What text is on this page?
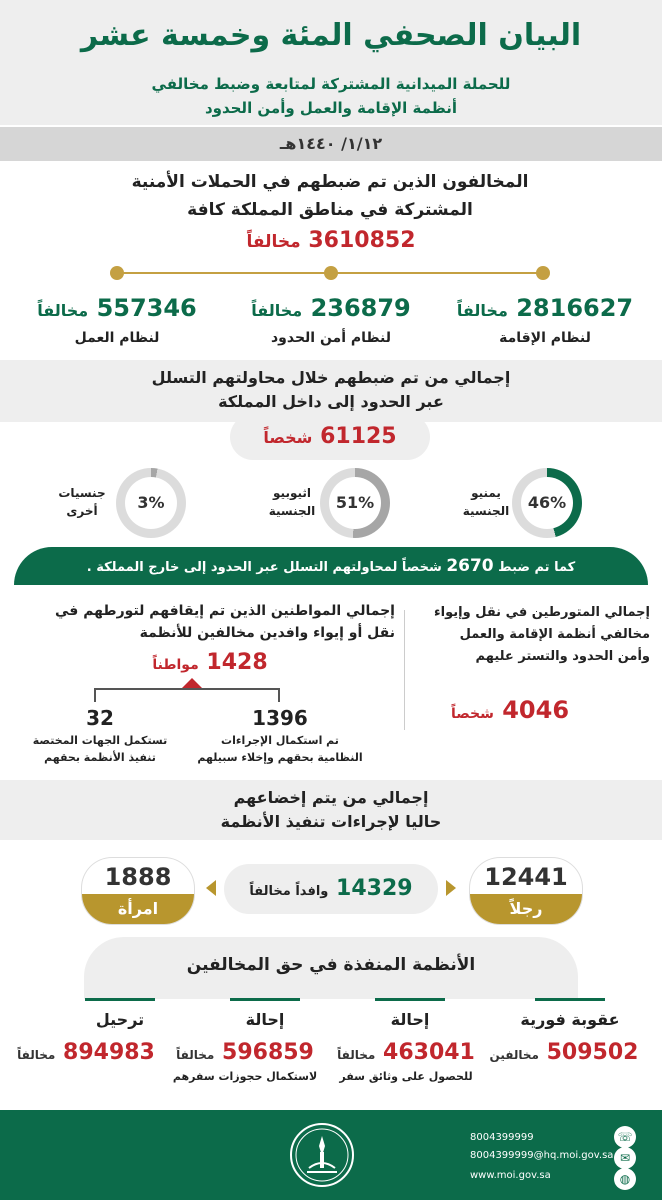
البيان الصحفي المئة وخمسة عشر
للحملة الميدانية المشتركة لمتابعة وضبط مخالفي
أنظمة الإقامة والعمل وأمن الحدود
١/١٢/ ١٤٤٠هـ
المخالفون الذين تم ضبطهم في الحملات الأمنية
المشتركة في مناطق المملكة كافة
3610852 مخالفاً
2816627 مخالفاً
لنظام الإقامة
236879 مخالفاً
لنظام أمن الحدود
557346 مخالفاً
لنظام العمل
إجمالي من تم ضبطهم خلال محاولتهم التسلل
عبر الحدود إلى داخل المملكة
61125 شخصاً
46%
يمنيو
الجنسية
51%
اثيوبيو
الجنسية
3%
جنسيات
أخرى
كما تم ضبط 2670 شخصاً لمحاولتهم التسلل عبر الحدود إلى خارج المملكة .
إجمالي المتورطين في نقل وإيواء
مخالفي أنظمة الإقامة والعمل
وأمن الحدود والتستر عليهم
4046 شخصاً
إجمالي المواطنين الذين تم إيقافهم لتورطهم في
نقل أو إيواء وافدين مخالفين للأنظمة
1428 مواطناً
1396
تم استكمال الإجراءات
النظامية بحقهم وإخلاء سبيلهم
32
تستكمل الجهات المختصة
تنفيذ الأنظمة بحقهم
إجمالي من يتم إخضاعهم
حاليا لإجراءات تنفيذ الأنظمة
12441
رجلاً
14329 وافداً مخالفاً
1888
امرأة
الأنظمة المنفذة في حق المخالفين
عقوبة فورية
509502 مخالفين
إحالة
463041 مخالفاً
للحصول على وثائق سفر
إحالة
596859 مخالفاً
لاستكمال حجوزات سفرهم
ترحيل
894983 مخالفاً
8004399999	☏
8004399999@hq.moi.gov.sa ✉
www.moi.gov.sa	◍
